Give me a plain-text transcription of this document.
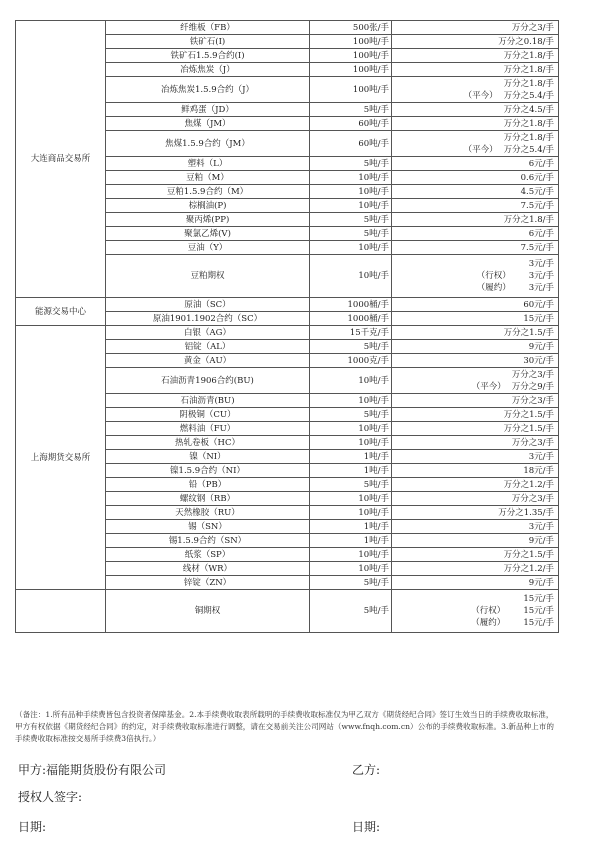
大连商品交易所	纤维板（FB）	500张/手	万分之3/手

	铁矿石(I)	100吨/手	万分之0.18/手

	铁矿石1.5.9合约(I)	100吨/手	万分之1.8/手

	冶炼焦炭（J）	100吨/手	万分之1.8/手

	冶炼焦炭1.5.9合约（J）	100吨/手	万分之1.8/手
（平今） 万分之5.4/手

	鲜鸡蛋（JD）	5吨/手	万分之4.5/手

	焦煤（JM）	60吨/手	万分之1.8/手

	焦煤1.5.9合约（JM）	60吨/手	万分之1.8/手
（平今） 万分之5.4/手

	塑料（L）	5吨/手	6元/手

	豆粕（M）	10吨/手	0.6元/手

	豆粕1.5.9合约（M）	10吨/手	4.5元/手

	棕榈油(P)	10吨/手	7.5元/手

	聚丙烯(PP)	5吨/手	万分之1.8/手

	聚氯乙烯(V)	5吨/手	6元/手

	豆油（Y）	10吨/手	7.5元/手

	豆粕期权	10吨/手	3元/手
（行权） 3元/手
（履约） 3元/手

能源交易中心	原油（SC）	1000桶/手	60元/手

	原油1901.1902合约（SC）	1000桶/手	15元/手

上海期货交易所	白银（AG）	15千克/手	万分之1.5/手

	铝锭（AL）	5吨/手	9元/手

	黄金（AU）	1000克/手	30元/手

	石油沥青1906合约(BU)	10吨/手	万分之3/手
（平今） 万分之9/手

	石油沥青(BU)	10吨/手	万分之3/手

	阴极铜（CU）	5吨/手	万分之1.5/手

	燃料油（FU）	10吨/手	万分之1.5/手

	热轧卷板（HC）	10吨/手	万分之3/手

	镍（NI）	1吨/手	3元/手

	镍1.5.9合约（NI）	1吨/手	18元/手

	铅（PB）	5吨/手	万分之1.2/手

	螺纹钢（RB）	10吨/手	万分之3/手

	天然橡胶（RU）	10吨/手	万分之1.35/手

	锡（SN）	1吨/手	3元/手

	锡1.5.9合约（SN）	1吨/手	9元/手

	纸浆（SP）	10吨/手	万分之1.5/手

	线材（WR）	10吨/手	万分之1.2/手

	锌锭（ZN）	5吨/手	9元/手

	铜期权	5吨/手	15元/手
（行权） 15元/手
（履约） 15元/手
（备注：1.所有品种手续费皆包含投资者保障基金。2.本手续费收取表所载明的手续费收取标准仅为甲乙双方《期货经纪合同》签订生效当日的手续费收取标准，甲方有权依据《期货经纪合同》的约定，对手续费收取标准进行调整，请在交易前关注公司网站（www.fnqh.com.cn）公布的手续费收取标准。3.新品种上市的手续费收取标准按交易所手续费3倍执行。）
甲方:福能期货股份有限公司	乙方:
授权人签字:
日期:	日期:
